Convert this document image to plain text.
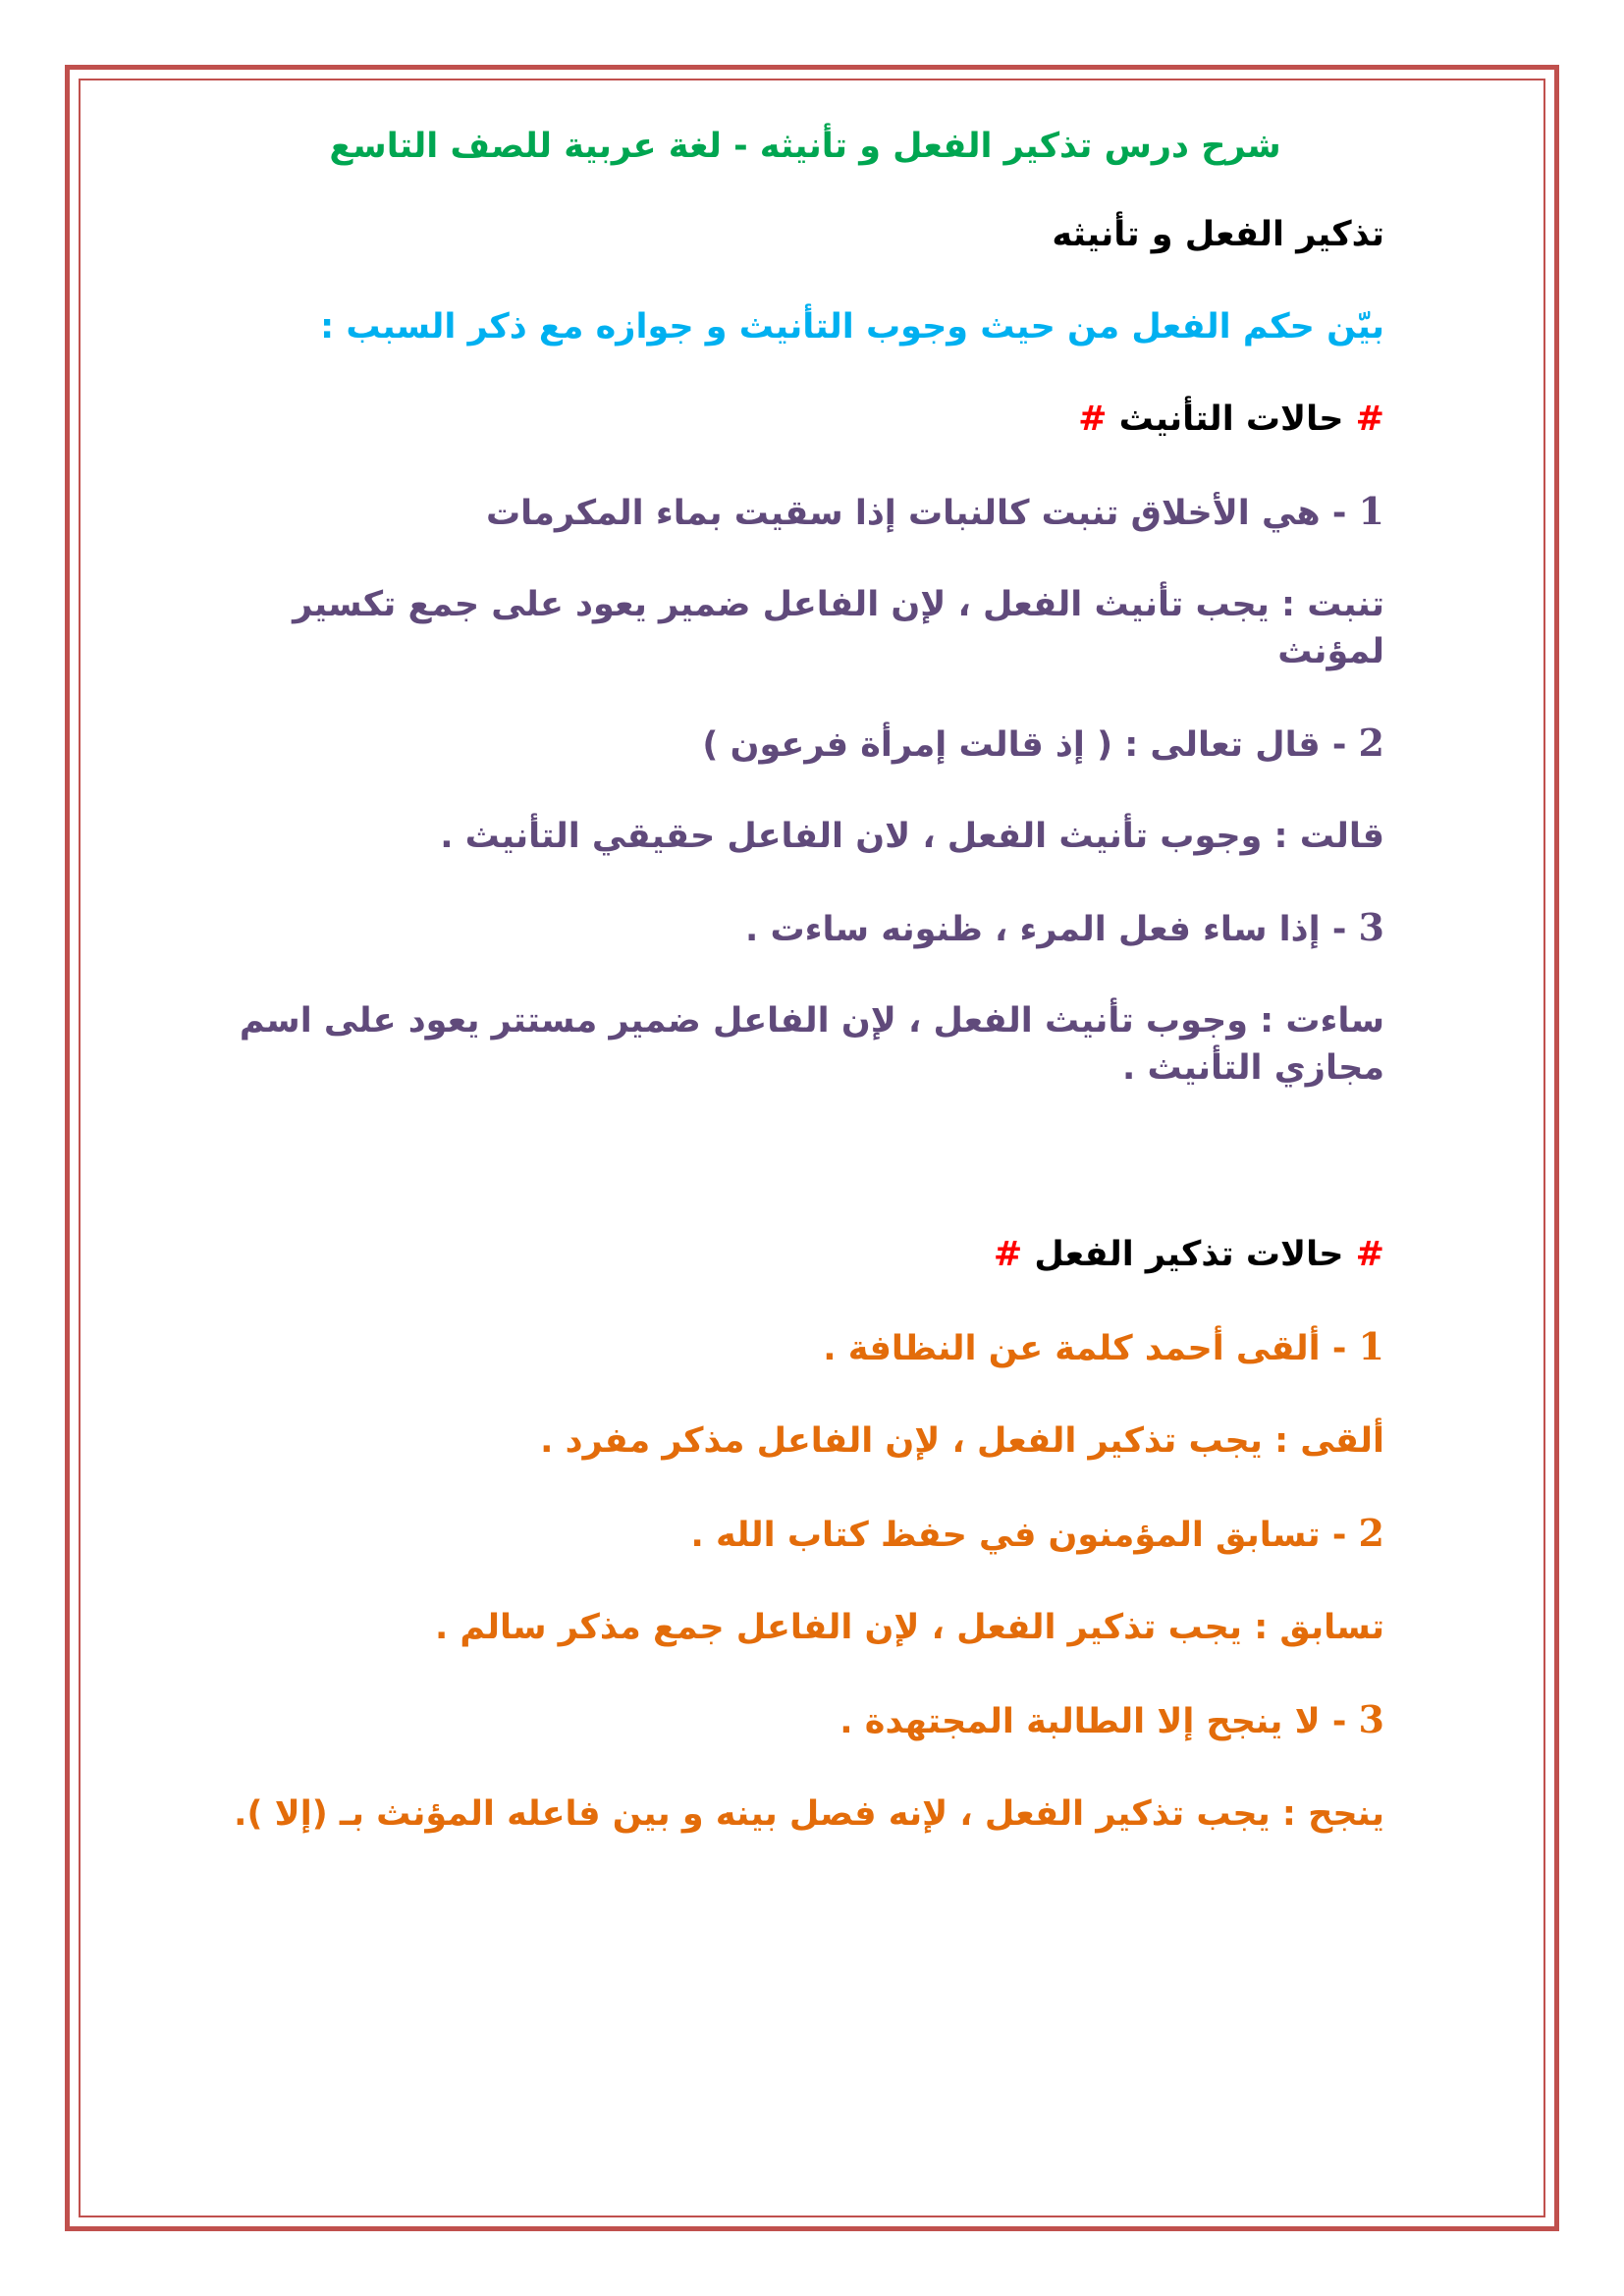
شرح درس تذكير الفعل و تأنيثه - لغة عربية للصف التاسع
تذكير الفعل و تأنيثه
بيّن حكم الفعل من حيث وجوب التأنيث و جوازه مع ذكر السبب :
# حالات التأنيث #
1 - هي الأخلاق تنبت كالنبات إذا سقيت بماء المكرمات
تنبت : يجب تأنيث الفعل ، لإن الفاعل ضمير يعود على جمع تكسير لمؤنث
2 - قال تعالى : ( إذ قالت إمرأة فرعون )
قالت : وجوب تأنيث الفعل ، لان الفاعل حقيقي التأنيث .
3 - إذا ساء فعل المرء ، ظنونه ساءت .
ساءت : وجوب تأنيث الفعل ، لإن الفاعل ضمير مستتر يعود على اسم مجازي التأنيث .
# حالات تذكير الفعل #
1 - ألقى أحمد كلمة عن النظافة .
ألقى : يجب تذكير الفعل ، لإن الفاعل مذكر مفرد .
2 - تسابق المؤمنون في حفظ كتاب الله .
تسابق : يجب تذكير الفعل ، لإن الفاعل جمع مذكر سالم .
3 - لا ينجح إلا الطالبة المجتهدة .
ينجح : يجب تذكير الفعل ، لإنه فصل بينه و بين فاعله المؤنث بـ (إلا ).
